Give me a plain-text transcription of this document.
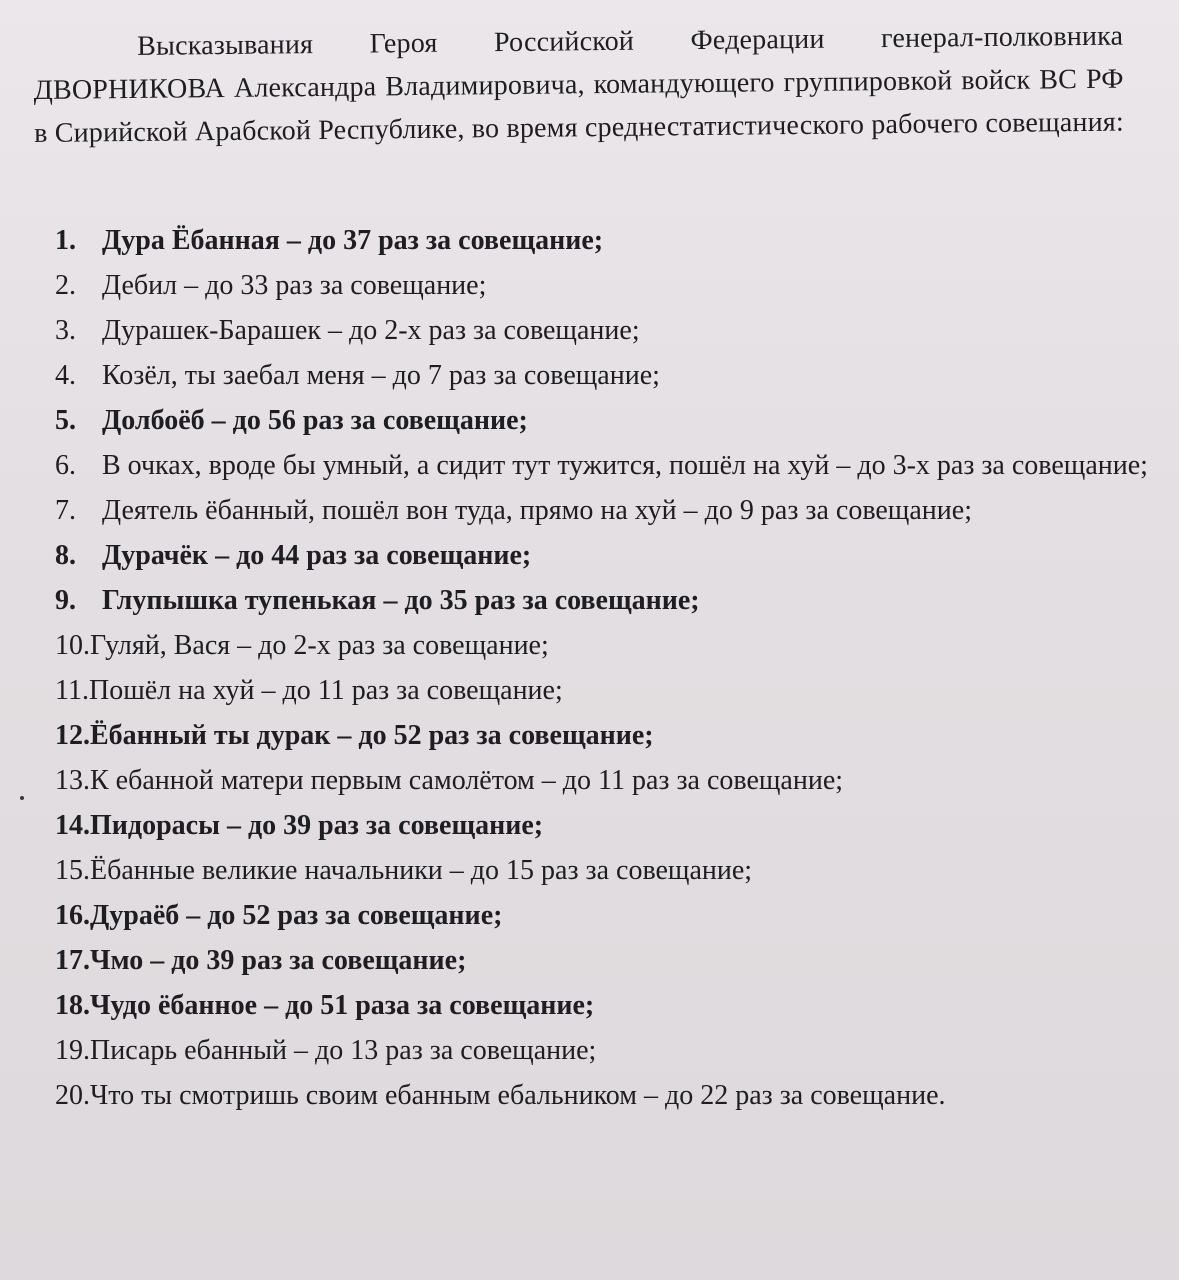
Высказывания Героя Российской Федерации генерал-полковника ДВОРНИКОВА Александра Владимировича, командующего группировкой войск ВС РФ в Сирийской Арабской Республике, во время среднестатистического рабочего совещания:

1. Дура Ёбанная – до 37 раз за совещание;
2. Дебил – до 33 раз за совещание;
3. Дурашек-Барашек – до 2-х раз за совещание;
4. Козёл, ты заебал меня – до 7 раз за совещание;
5. Долбоёб – до 56 раз за совещание;
6. В очках, вроде бы умный, а сидит тут тужится, пошёл на хуй – до 3-х раз за совещание;
7. Деятель ёбанный, пошёл вон туда, прямо на хуй – до 9 раз за совещание;
8. Дурачёк – до 44 раз за совещание;
9. Глупышка тупенькая – до 35 раз за совещание;
10. Гуляй, Вася – до 2-х раз за совещание;
11. Пошёл на хуй – до 11 раз за совещание;
12. Ёбанный ты дурак – до 52 раз за совещание;
13. К ебанной матери первым самолётом – до 11 раз за совещание;
14. Пидорасы – до 39 раз за совещание;
15. Ёбанные великие начальники – до 15 раз за совещание;
16. Дураёб – до 52 раз за совещание;
17. Чмо – до 39 раз за совещание;
18. Чудо ёбанное – до 51 раза за совещание;
19. Писарь ебанный – до 13 раз за совещание;
20. Что ты смотришь своим ебанным ебальником – до 22 раз за совещание.
